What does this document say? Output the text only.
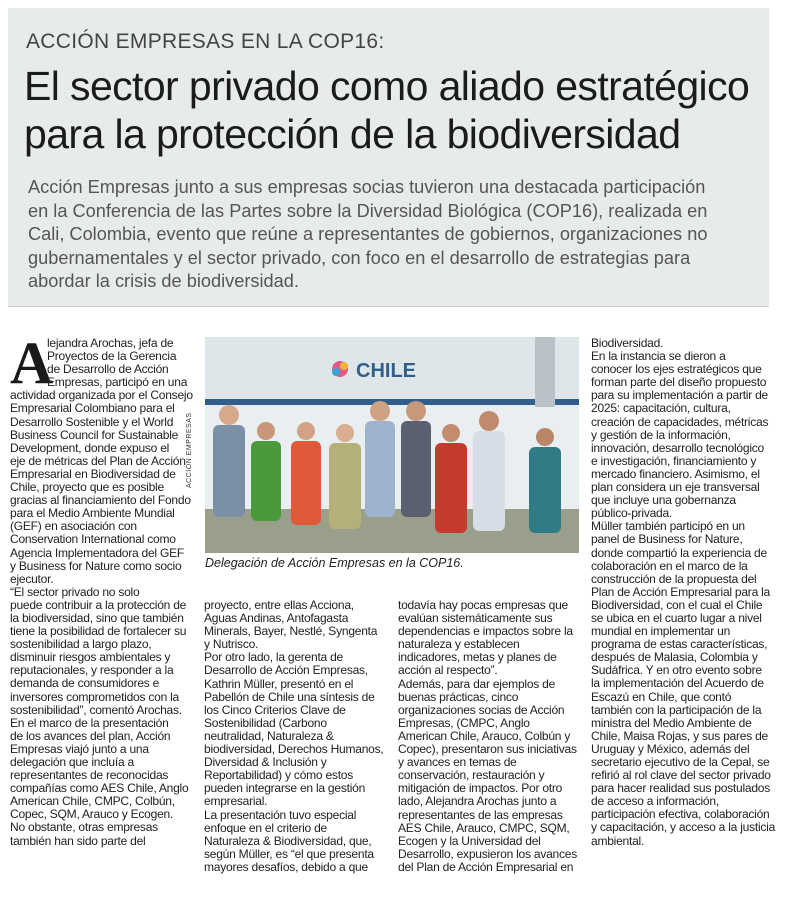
ACCIÓN EMPRESAS EN LA COP16:
El sector privado como aliado estratégico
para la protección de la biodiversidad
Acción Empresas junto a sus empresas socias tuvieron una destacada participación
en la Conferencia de las Partes sobre la Diversidad Biológica (COP16), realizada en
Cali, Colombia, evento que reúne a representantes de gobiernos, organizaciones no
gubernamentales y el sector privado, con foco en el desarrollo de estrategias para
abordar la crisis de biodiversidad.
A
lejandra Arochas, jefa de
Proyectos de la Gerencia
de Desarrollo de Acción
Empresas, participó en una
actividad organizada por el Consejo
Empresarial Colombiano para el
Desarrollo Sostenible y el World
Business Council for Sustainable
Development, donde expuso el
eje de métricas del Plan de Acción
Empresarial en Biodiversidad de
Chile, proyecto que es posible
gracias al financiamiento del Fondo
para el Medio Ambiente Mundial
(GEF) en asociación con
Conservation International como
Agencia Implementadora del GEF
y Business for Nature como socio
ejecutor.
“El sector privado no solo
puede contribuir a la protección de
la biodiversidad, sino que también
tiene la posibilidad de fortalecer su
sostenibilidad a largo plazo,
disminuir riesgos ambientales y
reputacionales, y responder a la
demanda de consumidores e
inversores comprometidos con la
sostenibilidad”, comentó Arochas.
En el marco de la presentación
de los avances del plan, Acción
Empresas viajó junto a una
delegación que incluía a
representantes de reconocidas
compañías como AES Chile, Anglo
American Chile, CMPC, Colbún,
Copec, SQM, Arauco y Ecogen.
No obstante, otras empresas
también han sido parte del
CHILE
ACCIÓN EMPRESAS
Delegación de Acción Empresas en la COP16.
proyecto, entre ellas Acciona,
Aguas Andinas, Antofagasta
Minerals, Bayer, Nestlé, Syngenta
y Nutrisco.
Por otro lado, la gerenta de
Desarrollo de Acción Empresas,
Kathrin Müller, presentó en el
Pabellón de Chile una síntesis de
los Cinco Criterios Clave de
Sostenibilidad (Carbono
neutralidad, Naturaleza &
biodiversidad, Derechos Humanos,
Diversidad & Inclusión y
Reportabilidad) y cómo estos
pueden integrarse en la gestión
empresarial.
La presentación tuvo especial
enfoque en el criterio de
Naturaleza & Biodiversidad, que,
según Müller, es “el que presenta
mayores desafíos, debido a que
todavía hay pocas empresas que
evalúan sistemáticamente sus
dependencias e impactos sobre la
naturaleza y establecen
indicadores, metas y planes de
acción al respecto”.
Además, para dar ejemplos de
buenas prácticas, cinco
organizaciones socias de Acción
Empresas, (CMPC, Anglo
American Chile, Arauco, Colbún y
Copec), presentaron sus iniciativas
y avances en temas de
conservación, restauración y
mitigación de impactos. Por otro
lado, Alejandra Arochas junto a
representantes de las empresas
AES Chile, Arauco, CMPC, SQM,
Ecogen y la Universidad del
Desarrollo, expusieron los avances
del Plan de Acción Empresarial en
Biodiversidad.
En la instancia se dieron a
conocer los ejes estratégicos que
forman parte del diseño propuesto
para su implementación a partir de
2025: capacitación, cultura,
creación de capacidades, métricas
y gestión de la información,
innovación, desarrollo tecnológico
e investigación, financiamiento y
mercado financiero. Asimismo, el
plan considera un eje transversal
que incluye una gobernanza
público-privada.
Müller también participó en un
panel de Business for Nature,
donde compartió la experiencia de
colaboración en el marco de la
construcción de la propuesta del
Plan de Acción Empresarial para la
Biodiversidad, con el cual el Chile
se ubica en el cuarto lugar a nivel
mundial en implementar un
programa de estas características,
después de Malasia, Colombia y
Sudáfrica. Y en otro evento sobre
la implementación del Acuerdo de
Escazú en Chile, que contó
también con la participación de la
ministra del Medio Ambiente de
Chile, Maisa Rojas, y sus pares de
Uruguay y México, además del
secretario ejecutivo de la Cepal, se
refirió al rol clave del sector privado
para hacer realidad sus postulados
de acceso a información,
participación efectiva, colaboración
y capacitación, y acceso a la justicia
ambiental.
